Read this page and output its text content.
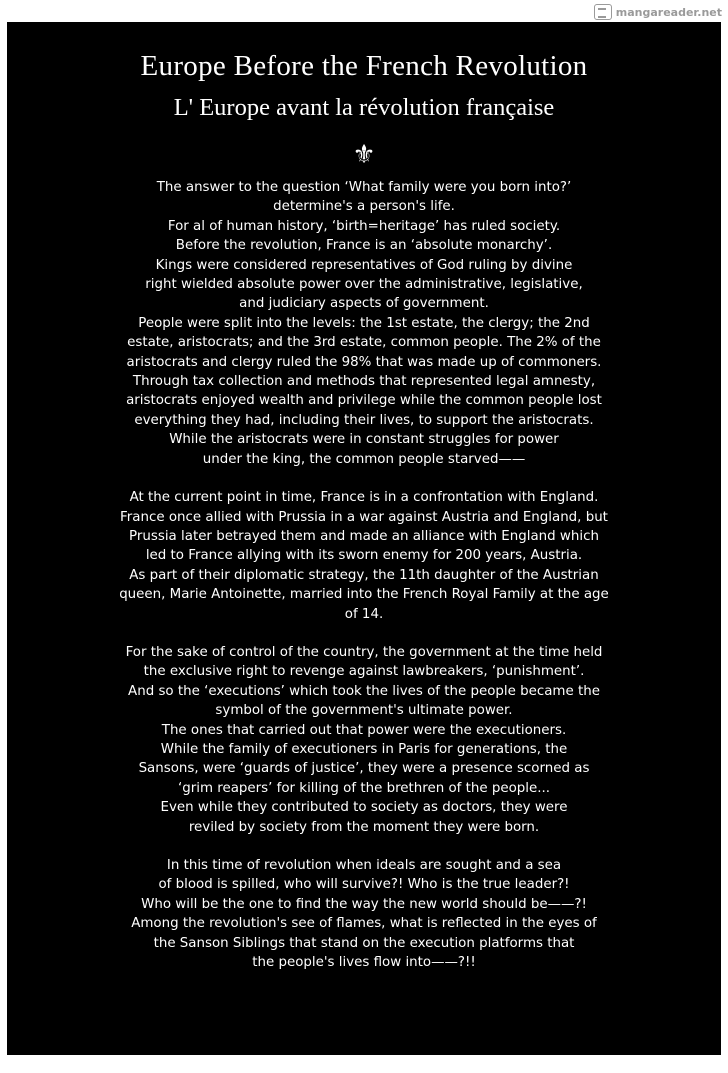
mangareader.net
Europe Before the French Revolution
L' Europe avant la révolution française
⚜

The answer to the question ‘What family were you born into?’
determine's a person's life.
For al of human history, ‘birth=heritage’ has ruled society.
Before the revolution, France is an ‘absolute monarchy’.
Kings were considered representatives of God ruling by divine
right wielded absolute power over the administrative, legislative,
and judiciary aspects of government.
People were split into the levels: the 1st estate, the clergy; the 2nd
estate, aristocrats; and the 3rd estate, common people. The 2% of the
aristocrats and clergy ruled the 98% that was made up of commoners.
Through tax collection and methods that represented legal amnesty,
aristocrats enjoyed wealth and privilege while the common people lost
everything they had, including their lives, to support the aristocrats.
While the aristocrats were in constant struggles for power
under the king, the common people starved——

At the current point in time, France is in a confrontation with England.
France once allied with Prussia in a war against Austria and England, but
Prussia later betrayed them and made an alliance with England which
led to France allying with its sworn enemy for 200 years, Austria.
As part of their diplomatic strategy, the 11th daughter of the Austrian
queen, Marie Antoinette, married into the French Royal Family at the age
of 14.

For the sake of control of the country, the government at the time held
the exclusive right to revenge against lawbreakers, ‘punishment’.
And so the ‘executions’ which took the lives of the people became the
symbol of the government's ultimate power.
The ones that carried out that power were the executioners.
While the family of executioners in Paris for generations, the
Sansons, were ‘guards of justice’, they were a presence scorned as
‘grim reapers’ for killing of the brethren of the people...
Even while they contributed to society as doctors, they were
reviled by society from the moment they were born.

In this time of revolution when ideals are sought and a sea
of blood is spilled, who will survive?! Who is the true leader?!
Who will be the one to find the way the new world should be——?!
Among the revolution's see of flames, what is reflected in the eyes of
the Sanson Siblings that stand on the execution platforms that
the people's lives flow into——?!!
